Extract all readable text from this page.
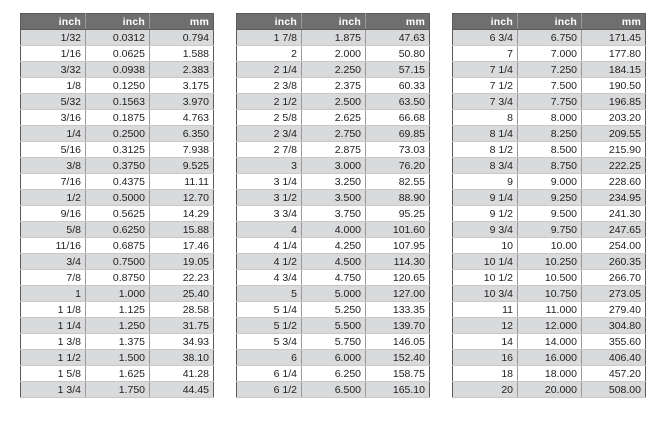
inch	inch	mm
1/32	0.0312	0.794
1/16	0.0625	1.588
3/32	0.0938	2.383
1/8	0.1250	3.175
5/32	0.1563	3.970
3/16	0.1875	4.763
1/4	0.2500	6.350
5/16	0.3125	7.938
3/8	0.3750	9.525
7/16	0.4375	11.11
1/2	0.5000	12.70
9/16	0.5625	14.29
5/8	0.6250	15.88
11/16	0.6875	17.46
3/4	0.7500	19.05
7/8	0.8750	22.23
1	1.000	25.40
1 1/8	1.125	28.58
1 1/4	1.250	31.75
1 3/8	1.375	34.93
1 1/2	1.500	38.10
1 5/8	1.625	41.28
1 3/4	1.750	44.45
inch	inch	mm
1 7/8	1.875	47.63
2	2.000	50.80
2 1/4	2.250	57.15
2 3/8	2.375	60.33
2 1/2	2.500	63.50
2 5/8	2.625	66.68
2 3/4	2.750	69.85
2 7/8	2.875	73.03
3	3.000	76.20
3 1/4	3.250	82.55
3 1/2	3.500	88.90
3 3/4	3.750	95.25
4	4.000	101.60
4 1/4	4.250	107.95
4 1/2	4.500	114.30
4 3/4	4.750	120.65
5	5.000	127.00
5 1/4	5.250	133.35
5 1/2	5.500	139.70
5 3/4	5.750	146.05
6	6.000	152.40
6 1/4	6.250	158.75
6 1/2	6.500	165.10
inch	inch	mm
6 3/4	6.750	171.45
7	7.000	177.80
7 1/4	7.250	184.15
7 1/2	7.500	190.50
7 3/4	7.750	196.85
8	8.000	203.20
8 1/4	8.250	209.55
8 1/2	8.500	215.90
8 3/4	8.750	222.25
9	9.000	228.60
9 1/4	9.250	234.95
9 1/2	9.500	241.30
9 3/4	9.750	247.65
10	10.00	254.00
10 1/4	10.250	260.35
10 1/2	10.500	266.70
10 3/4	10.750	273.05
11	11.000	279.40
12	12.000	304.80
14	14.000	355.60
16	16.000	406.40
18	18.000	457.20
20	20.000	508.00
